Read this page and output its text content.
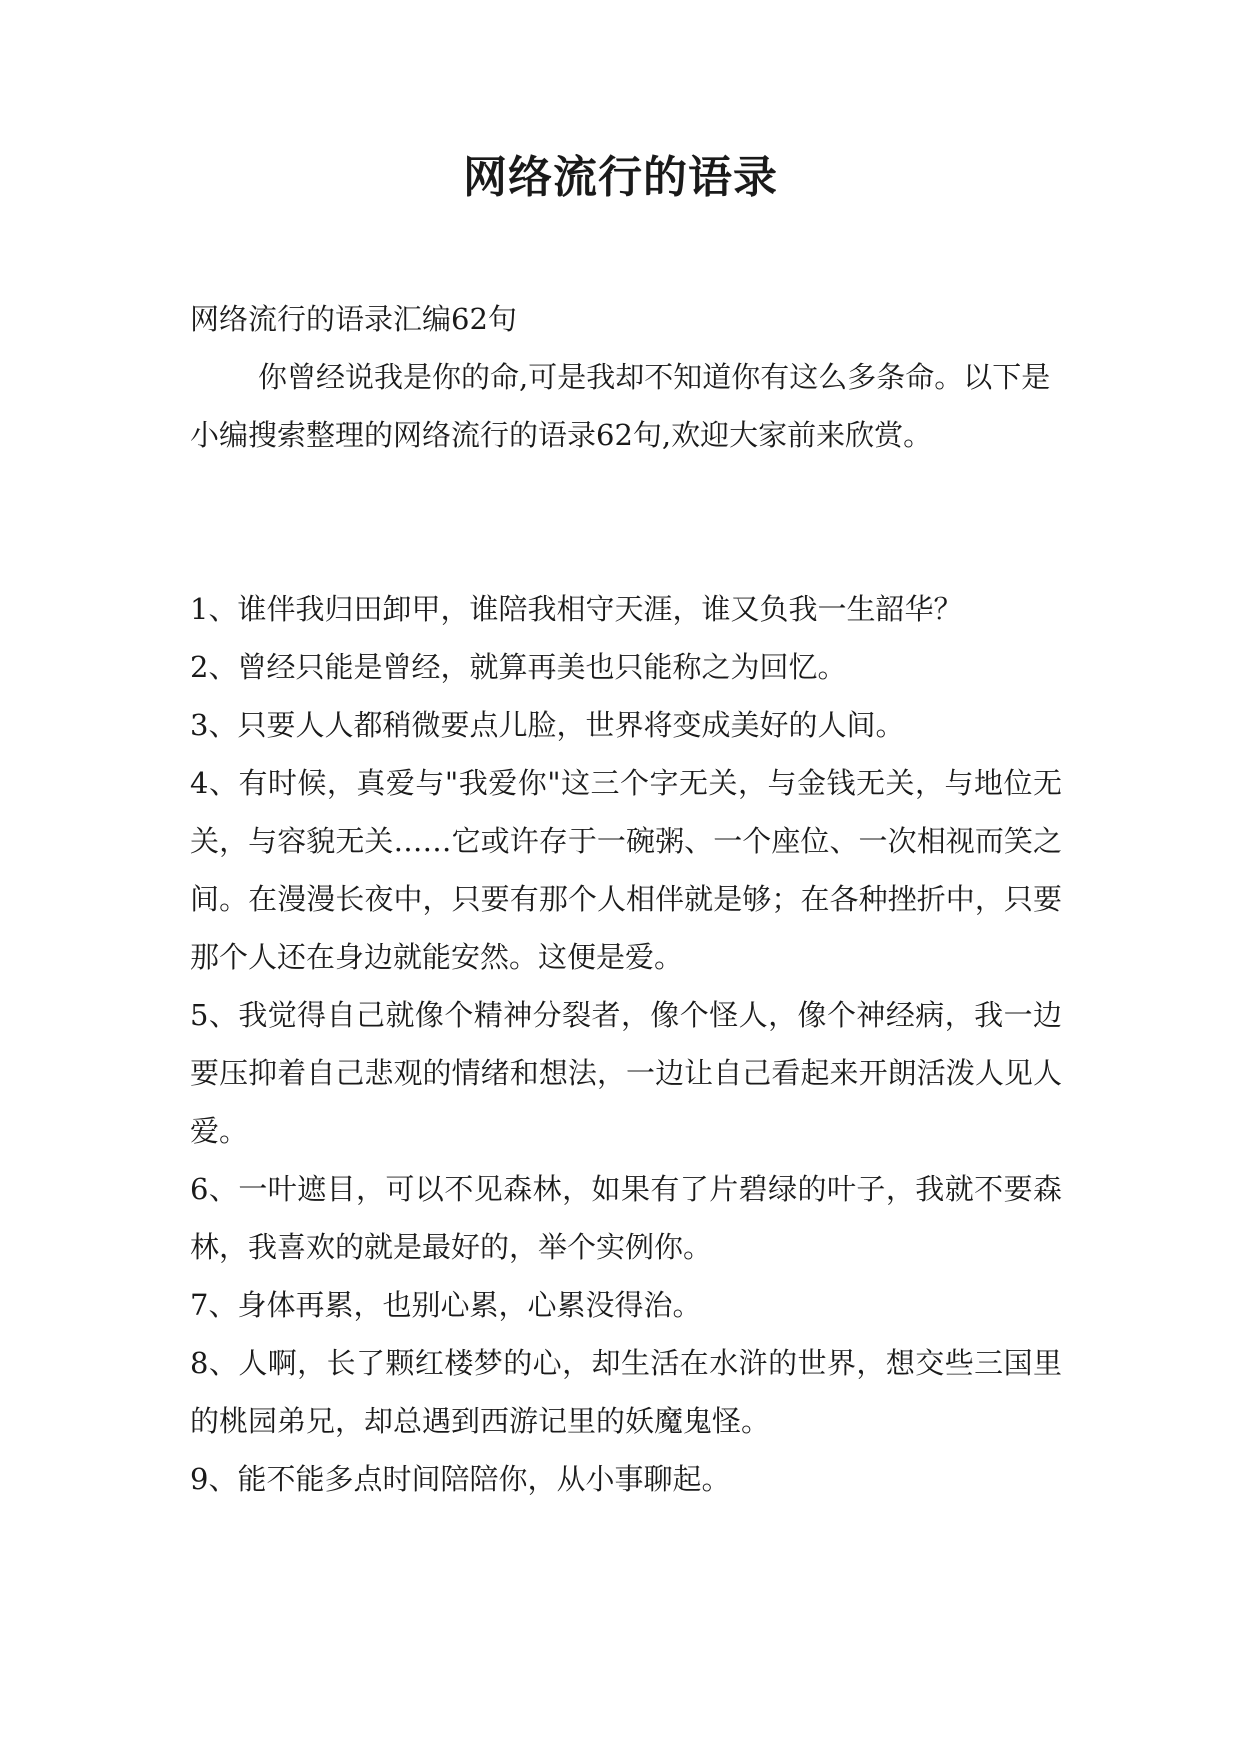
网络流行的语录

网络流行的语录汇编62句

你曾经说我是你的命,可是我却不知道你有这么多条命。以下是小编搜索整理的网络流行的语录62句,欢迎大家前来欣赏。

1、谁伴我归田卸甲，谁陪我相守天涯，谁又负我一生韶华？

2、曾经只能是曾经，就算再美也只能称之为回忆。

3、只要人人都稍微要点儿脸，世界将变成美好的人间。

4、有时候，真爱与"我爱你"这三个字无关，与金钱无关，与地位无关，与容貌无关……它或许存于一碗粥、一个座位、一次相视而笑之间。在漫漫长夜中，只要有那个人相伴就是够；在各种挫折中，只要那个人还在身边就能安然。这便是爱。

5、我觉得自己就像个精神分裂者，像个怪人，像个神经病，我一边要压抑着自己悲观的情绪和想法，一边让自己看起来开朗活泼人见人爱。

6、一叶遮目，可以不见森林，如果有了片碧绿的叶子，我就不要森林，我喜欢的就是最好的，举个实例你。

7、身体再累，也别心累，心累没得治。

8、人啊，长了颗红楼梦的心，却生活在水浒的世界，想交些三国里的桃园弟兄，却总遇到西游记里的妖魔鬼怪。

9、能不能多点时间陪陪你，从小事聊起。
